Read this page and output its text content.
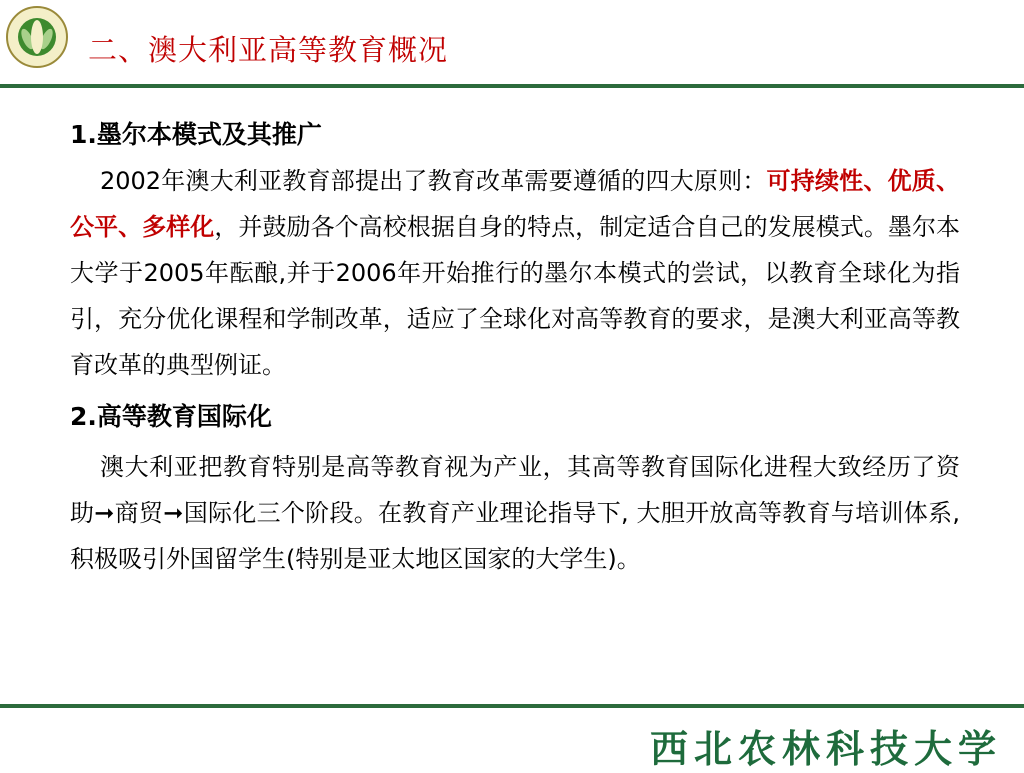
二、澳大利亚高等教育概况

1.墨尔本模式及其推广

2002年澳大利亚教育部提出了教育改革需要遵循的四大原则：可持续性、优质、公平、多样化，并鼓励各个高校根据自身的特点，制定适合自己的发展模式。墨尔本大学于2005年酝酿,并于2006年开始推行的墨尔本模式的尝试，以教育全球化为指引，充分优化课程和学制改革，适应了全球化对高等教育的要求，是澳大利亚高等教育改革的典型例证。

2.高等教育国际化

澳大利亚把教育特别是高等教育视为产业，其高等教育国际化进程大致经历了资助➞商贸➞国际化三个阶段。在教育产业理论指导下, 大胆开放高等教育与培训体系, 积极吸引外国留学生(特别是亚太地区国家的大学生)。

西北农林科技大学
